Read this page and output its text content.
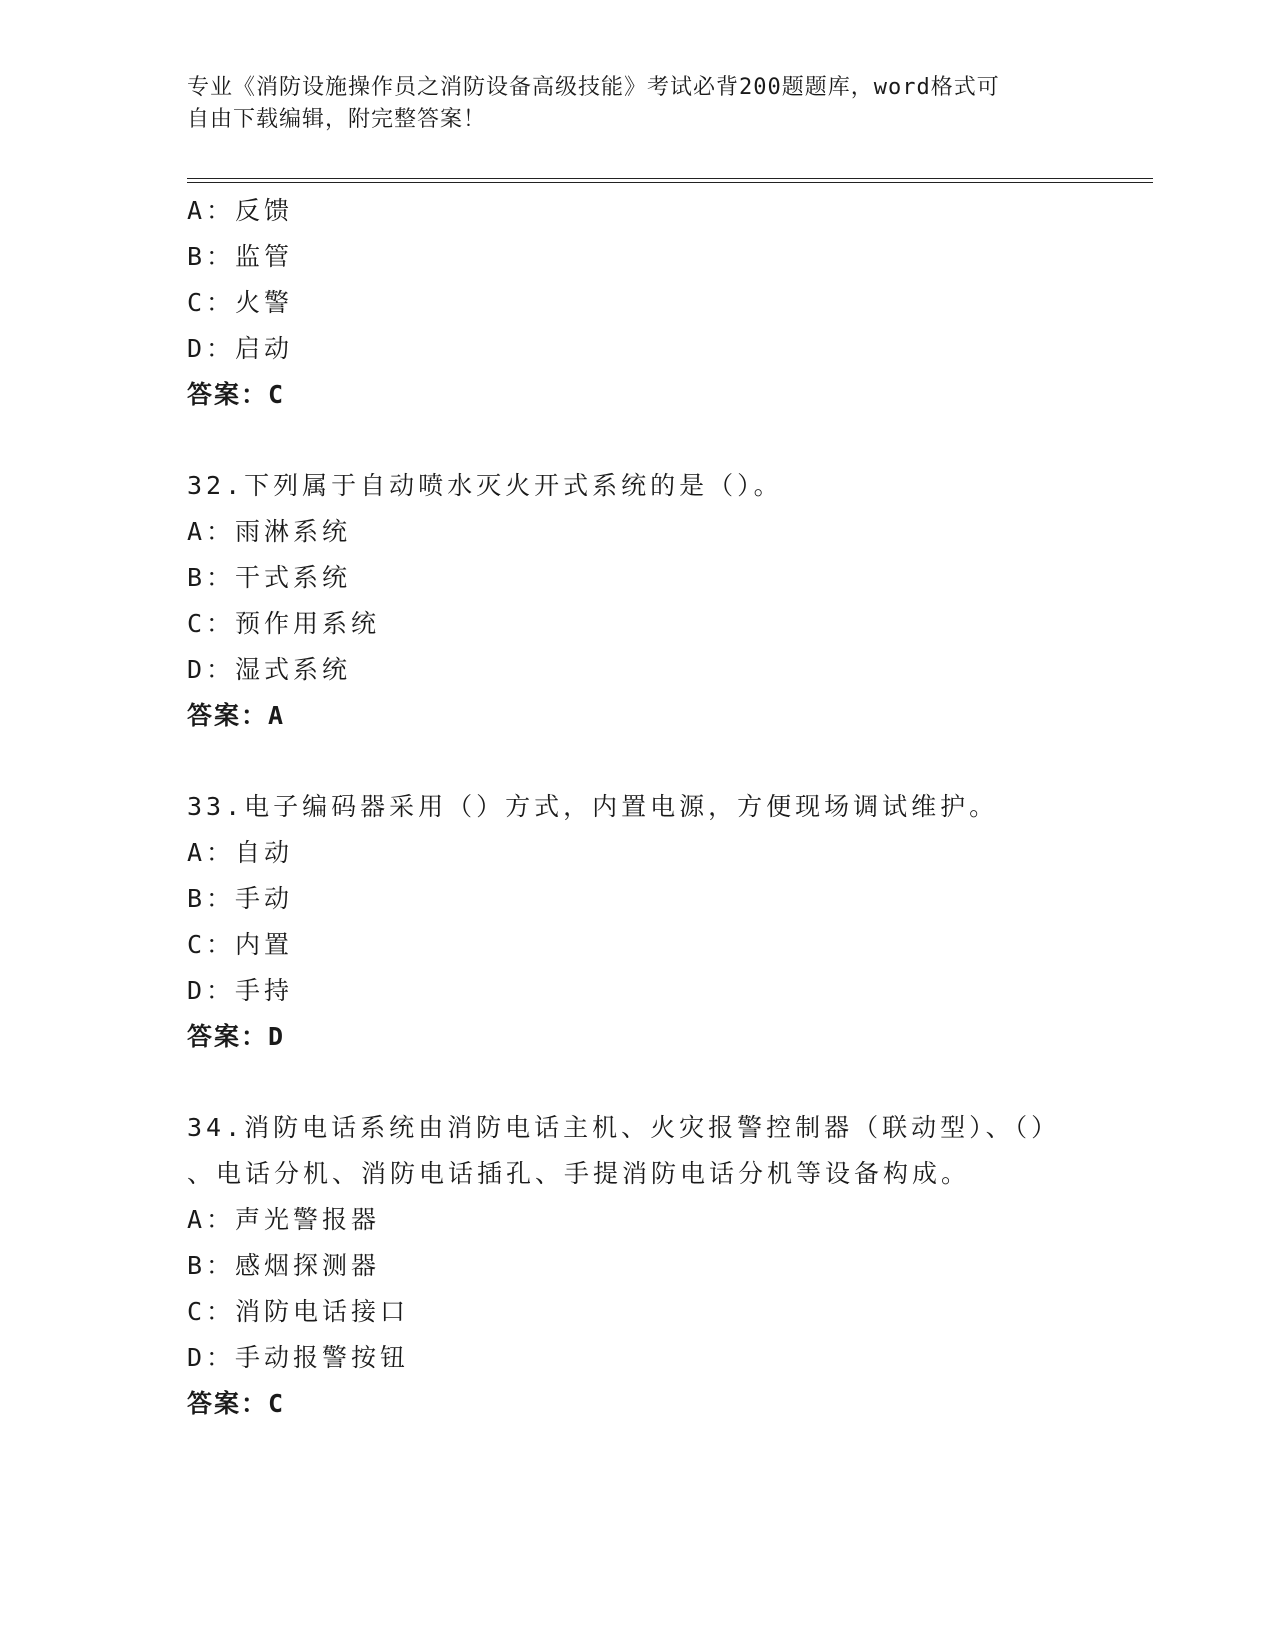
专业《消防设施操作员之消防设备高级技能》考试必背200题题库，word格式可
自由下载编辑，附完整答案！
A：反馈
B：监管
C：火警
D：启动
答案：C
32.下列属于自动喷水灭火开式系统的是（）。
A：雨淋系统
B：干式系统
C：预作用系统
D：湿式系统
答案：A
33.电子编码器采用（）方式，内置电源，方便现场调试维护。
A：自动
B：手动
C：内置
D：手持
答案：D
34.消防电话系统由消防电话主机、火灾报警控制器（联动型）、（）
、电话分机、消防电话插孔、手提消防电话分机等设备构成。
A：声光警报器
B：感烟探测器
C：消防电话接口
D：手动报警按钮
答案：C
